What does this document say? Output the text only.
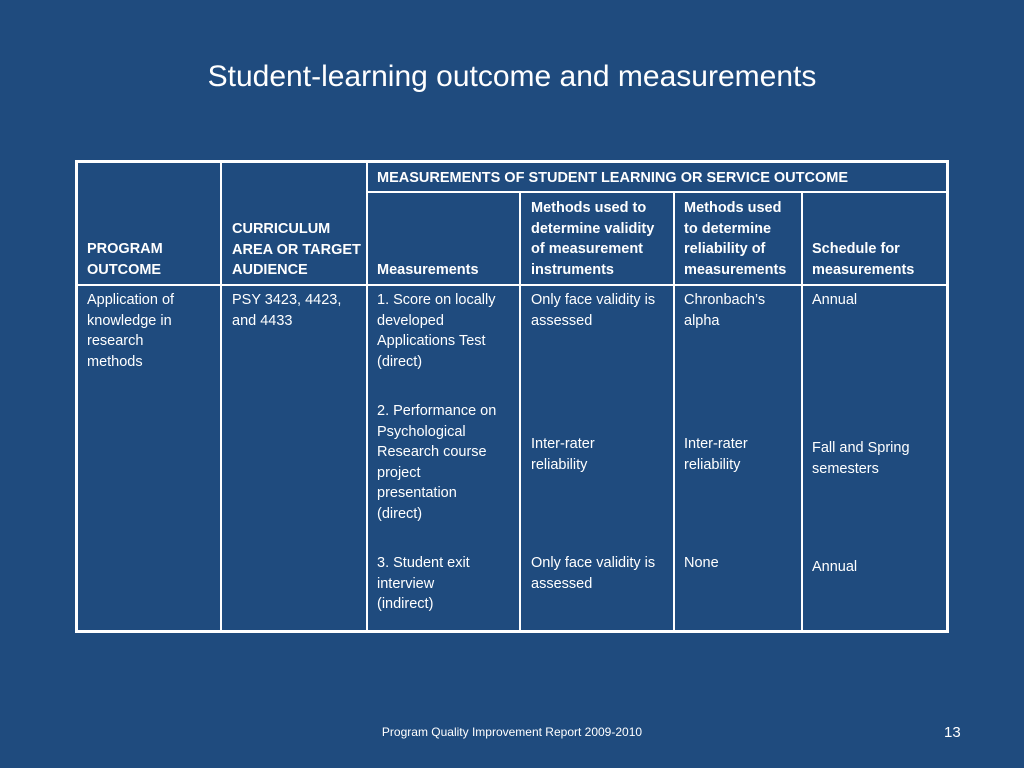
Student-learning outcome and measurements
MEASUREMENTS OF STUDENT LEARNING OR SERVICE OUTCOME
PROGRAM
OUTCOME
CURRICULUM
AREA OR TARGET
AUDIENCE	Measurements
Methods used to
determine validity
of measurement
instruments
Methods used
to determine
reliability of
measurements
Schedule for
measurements
Application of
knowledge in
research
methods
PSY 3423, 4423,
and 4433
1. Score on locally
developed
Applications Test
(direct)
2. Performance on
Psychological
Research course
project
presentation
(direct)
3. Student exit
interview
(indirect)
Only face validity is
assessed
Inter-rater
reliability
Only face validity is
assessed
Chronbach’s
alpha
Inter-rater
reliability
None
Annual
Fall and Spring
semesters
Annual
Program Quality Improvement Report 2009-2010	13
